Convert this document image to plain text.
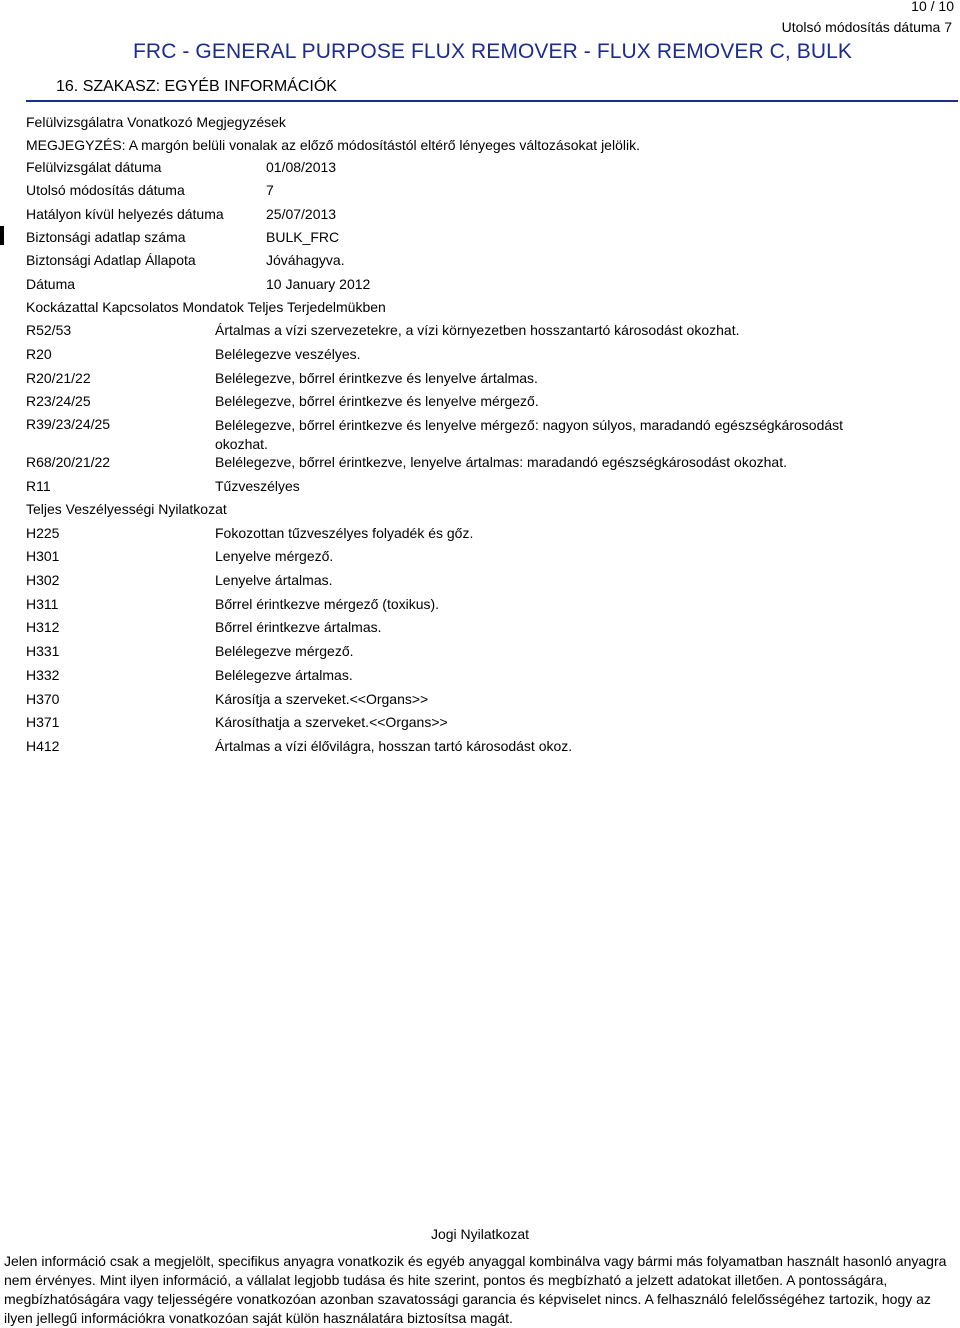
10 / 10
Utolsó módosítás dátuma 7
FRC - GENERAL PURPOSE FLUX REMOVER - FLUX REMOVER C, BULK
16. SZAKASZ: EGYÉB INFORMÁCIÓK
Felülvizsgálatra Vonatkozó Megjegyzések
MEGJEGYZÉS: A margón belüli vonalak az előző módosítástól eltérő lényeges változásokat jelölik.
Felülvizsgálat dátuma	01/08/2013
Utolsó módosítás dátuma	7
Hatályon kívül helyezés dátuma	25/07/2013
Biztonsági adatlap száma	BULK_FRC
Biztonsági Adatlap Állapota	Jóváhagyva.
Dátuma	10 January 2012
Kockázattal Kapcsolatos Mondatok Teljes Terjedelmükben
R52/53	Ártalmas a vízi szervezetekre, a vízi környezetben hosszantartó károsodást okozhat.
R20	Belélegezve veszélyes.
R20/21/22	Belélegezve, bőrrel érintkezve és lenyelve ártalmas.
R23/24/25	Belélegezve, bőrrel érintkezve és lenyelve mérgező.
R39/23/24/25	Belélegezve, bőrrel érintkezve és lenyelve mérgező: nagyon súlyos, maradandó egészségkárosodást okozhat.
R68/20/21/22	Belélegezve, bőrrel érintkezve, lenyelve ártalmas: maradandó egészségkárosodást okozhat.
R11	Tűzveszélyes
Teljes Veszélyességi Nyilatkozat
H225	Fokozottan tűzveszélyes folyadék és gőz.
H301	Lenyelve mérgező.
H302	Lenyelve ártalmas.
H311	Bőrrel érintkezve mérgező (toxikus).
H312	Bőrrel érintkezve ártalmas.
H331	Belélegezve mérgező.
H332	Belélegezve ártalmas.
H370	Károsítja a szerveket.<<Organs>>
H371	Károsíthatja a szerveket.<<Organs>>
H412	Ártalmas a vízi élővilágra, hosszan tartó károsodást okoz.
Jogi Nyilatkozat
Jelen információ csak a megjelölt, specifikus anyagra vonatkozik és egyéb anyaggal kombinálva vagy bármi más folyamatban használt hasonló anyagra nem érvényes. Mint ilyen információ, a vállalat legjobb tudása és hite szerint, pontos és megbízható a jelzett adatokat illetően. A pontosságára, megbízhatóságára vagy teljességére vonatkozóan azonban szavatossági garancia és képviselet nincs. A felhasználó felelősségéhez tartozik, hogy az ilyen jellegű információkra vonatkozóan saját külön használatára biztosítsa magát.
